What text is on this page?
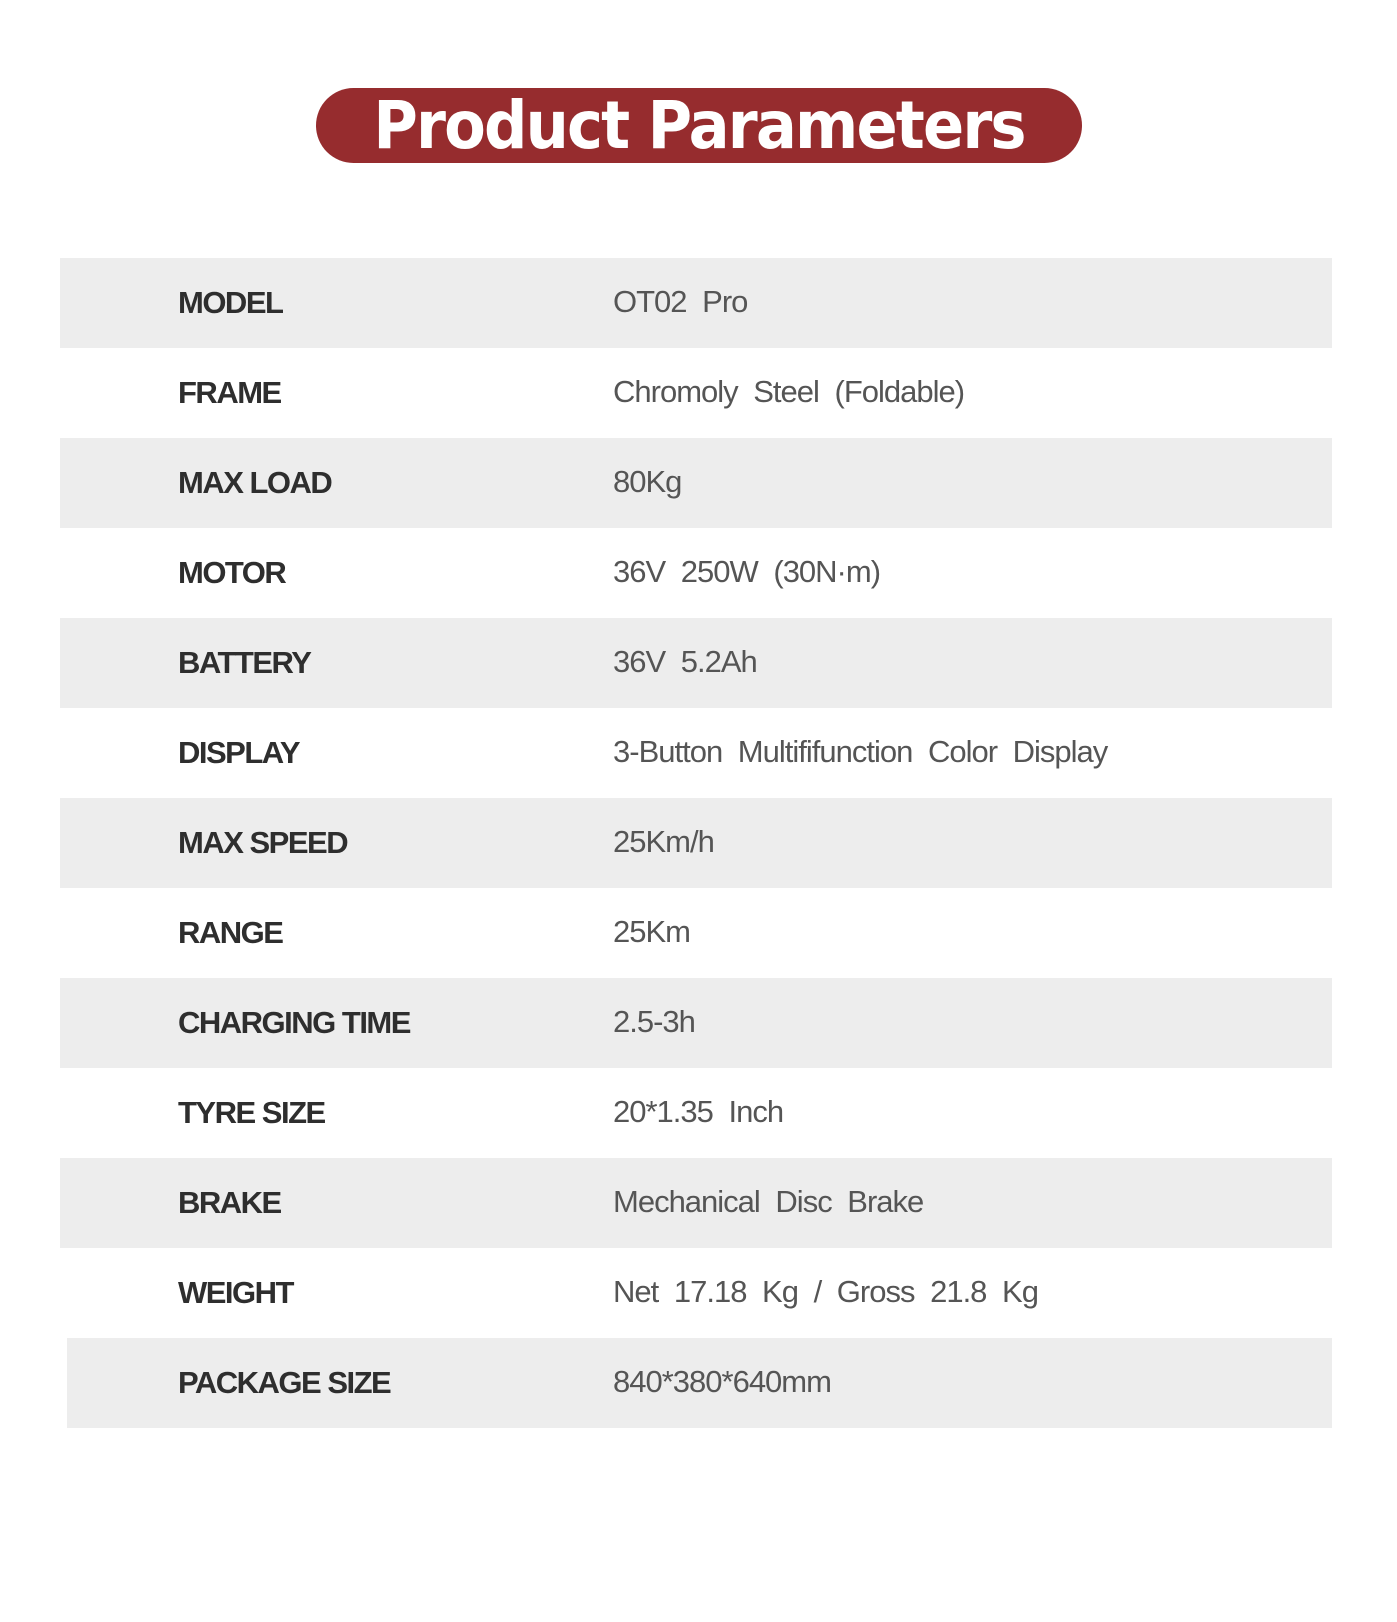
Product Parameters
MODEL	OT02 Pro
FRAME	Chromoly Steel (Foldable)
MAX LOAD	80Kg
MOTOR	36V 250W (30N·m)
BATTERY	36V 5.2Ah
DISPLAY	3-Button Multififunction Color Display
MAX SPEED	25Km/h
RANGE	25Km
CHARGING TIME	2.5-3h
TYRE SIZE	20*1.35 Inch
BRAKE	Mechanical Disc Brake
WEIGHT	Net 17.18 Kg / Gross 21.8 Kg
PACKAGE SIZE	840*380*640mm
